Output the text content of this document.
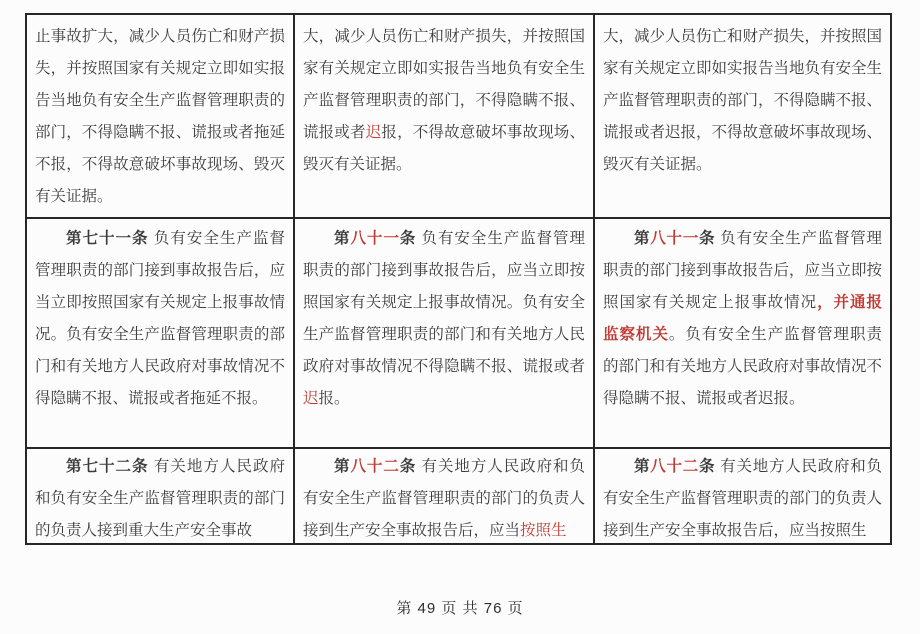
止事故扩大，减少人员伤亡和财产损失，并按照国家有关规定立即如实报告当地负有安全生产监督管理职责的部门，不得隐瞒不报、谎报或者拖延不报，不得故意破坏事故现场、毁灭有关证据。	大，减少人员伤亡和财产损失，并按照国家有关规定立即如实报告当地负有安全生产监督管理职责的部门，不得隐瞒不报、谎报或者迟报，不得故意破坏事故现场、毁灭有关证据。	大，减少人员伤亡和财产损失，并按照国家有关规定立即如实报告当地负有安全生产监督管理职责的部门，不得隐瞒不报、谎报或者迟报，不得故意破坏事故现场、毁灭有关证据。

第七十一条 负有安全生产监督管理职责的部门接到事故报告后，应当立即按照国家有关规定上报事故情况。负有安全生产监督管理职责的部门和有关地方人民政府对事故情况不得隐瞒不报、谎报或者拖延不报。	第八十一条 负有安全生产监督管理职责的部门接到事故报告后，应当立即按照国家有关规定上报事故情况。负有安全生产监督管理职责的部门和有关地方人民政府对事故情况不得隐瞒不报、谎报或者迟报。	第八十一条 负有安全生产监督管理职责的部门接到事故报告后，应当立即按照国家有关规定上报事故情况，并通报监察机关。负有安全生产监督管理职责的部门和有关地方人民政府对事故情况不得隐瞒不报、谎报或者迟报。

第七十二条 有关地方人民政府和负有安全生产监督管理职责的部门的负责人接到重大生产安全事故	第八十二条 有关地方人民政府和负有安全生产监督管理职责的部门的负责人接到生产安全事故报告后，应当按照生	第八十二条 有关地方人民政府和负有安全生产监督管理职责的部门的负责人接到生产安全事故报告后，应当按照生

第 49 页 共 76 页
